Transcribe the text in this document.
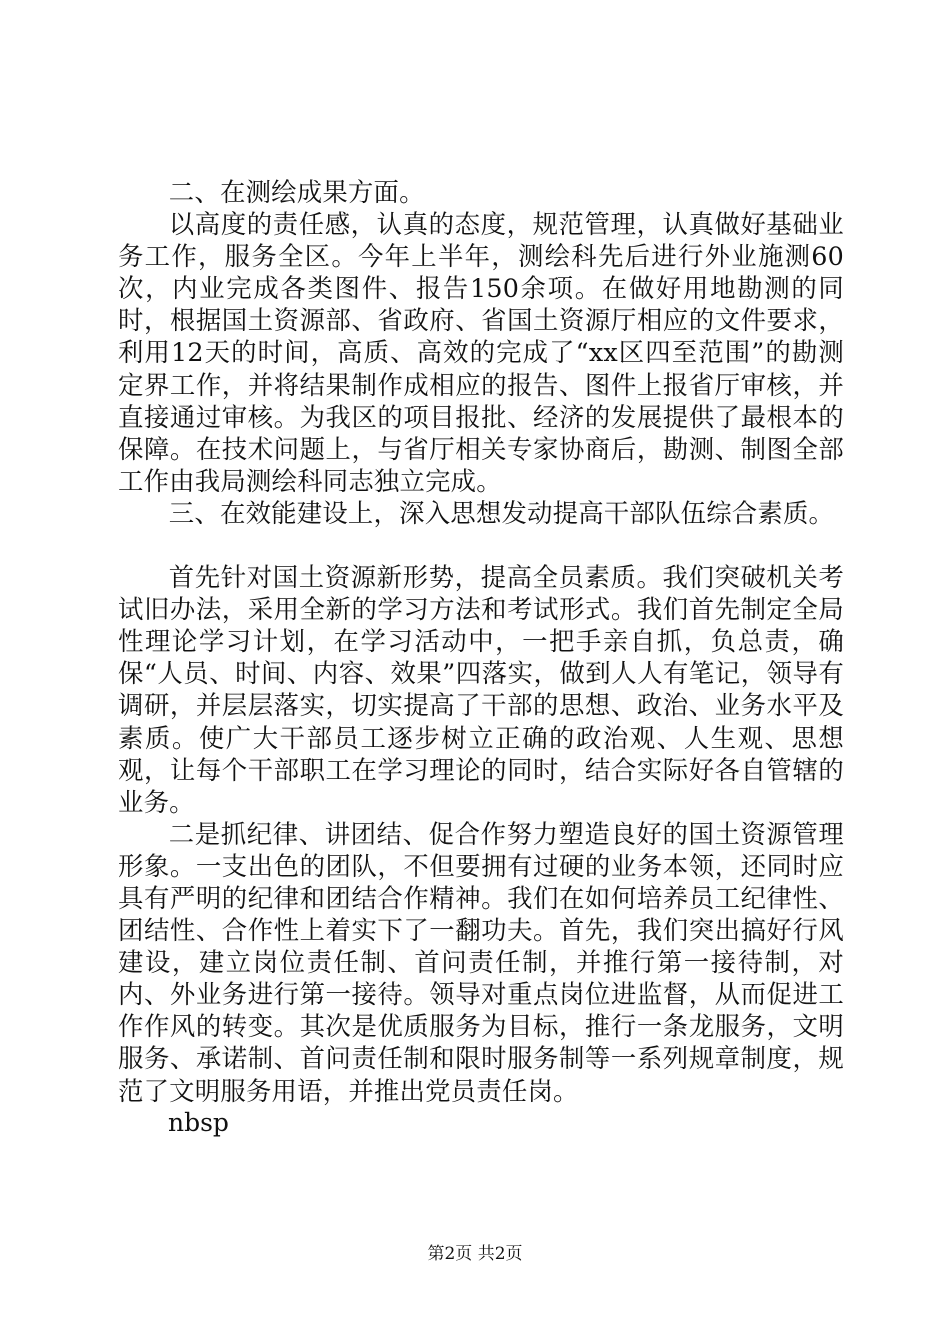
二、在测绘成果方面。

以高度的责任感，认真的态度，规范管理，认真做好基础业务工作，服务全区。今年上半年，测绘科先后进行外业施测60次，内业完成各类图件、报告150余项。在做好用地勘测的同时，根据国土资源部、省政府、省国土资源厅相应的文件要求，利用12天的时间，高质、高效的完成了“xx区四至范围”的勘测定界工作，并将结果制作成相应的报告、图件上报省厅审核，并直接通过审核。为我区的项目报批、经济的发展提供了最根本的保障。在技术问题上，与省厅相关专家协商后，勘测、制图全部工作由我局测绘科同志独立完成。

三、在效能建设上，深入思想发动提高干部队伍综合素质。

首先针对国土资源新形势，提高全员素质。我们突破机关考试旧办法，采用全新的学习方法和考试形式。我们首先制定全局性理论学习计划，在学习活动中，一把手亲自抓，负总责，确保“人员、时间、内容、效果”四落实，做到人人有笔记，领导有调研，并层层落实，切实提高了干部的思想、政治、业务水平及素质。使广大干部员工逐步树立正确的政治观、人生观、思想观，让每个干部职工在学习理论的同时，结合实际好各自管辖的业务。

二是抓纪律、讲团结、促合作努力塑造良好的国土资源管理形象。一支出色的团队，不但要拥有过硬的业务本领，还同时应具有严明的纪律和团结合作精神。我们在如何培养员工纪律性、团结性、合作性上着实下了一翻功夫。首先，我们突出搞好行风建设，建立岗位责任制、首问责任制，并推行第一接待制，对内、外业务进行第一接待。领导对重点岗位进监督，从而促进工作作风的转变。其次是优质服务为目标，推行一条龙服务，文明服务、承诺制、首问责任制和限时服务制等一系列规章制度，规范了文明服务用语，并推出党员责任岗。

nbsp

第2页 共2页
